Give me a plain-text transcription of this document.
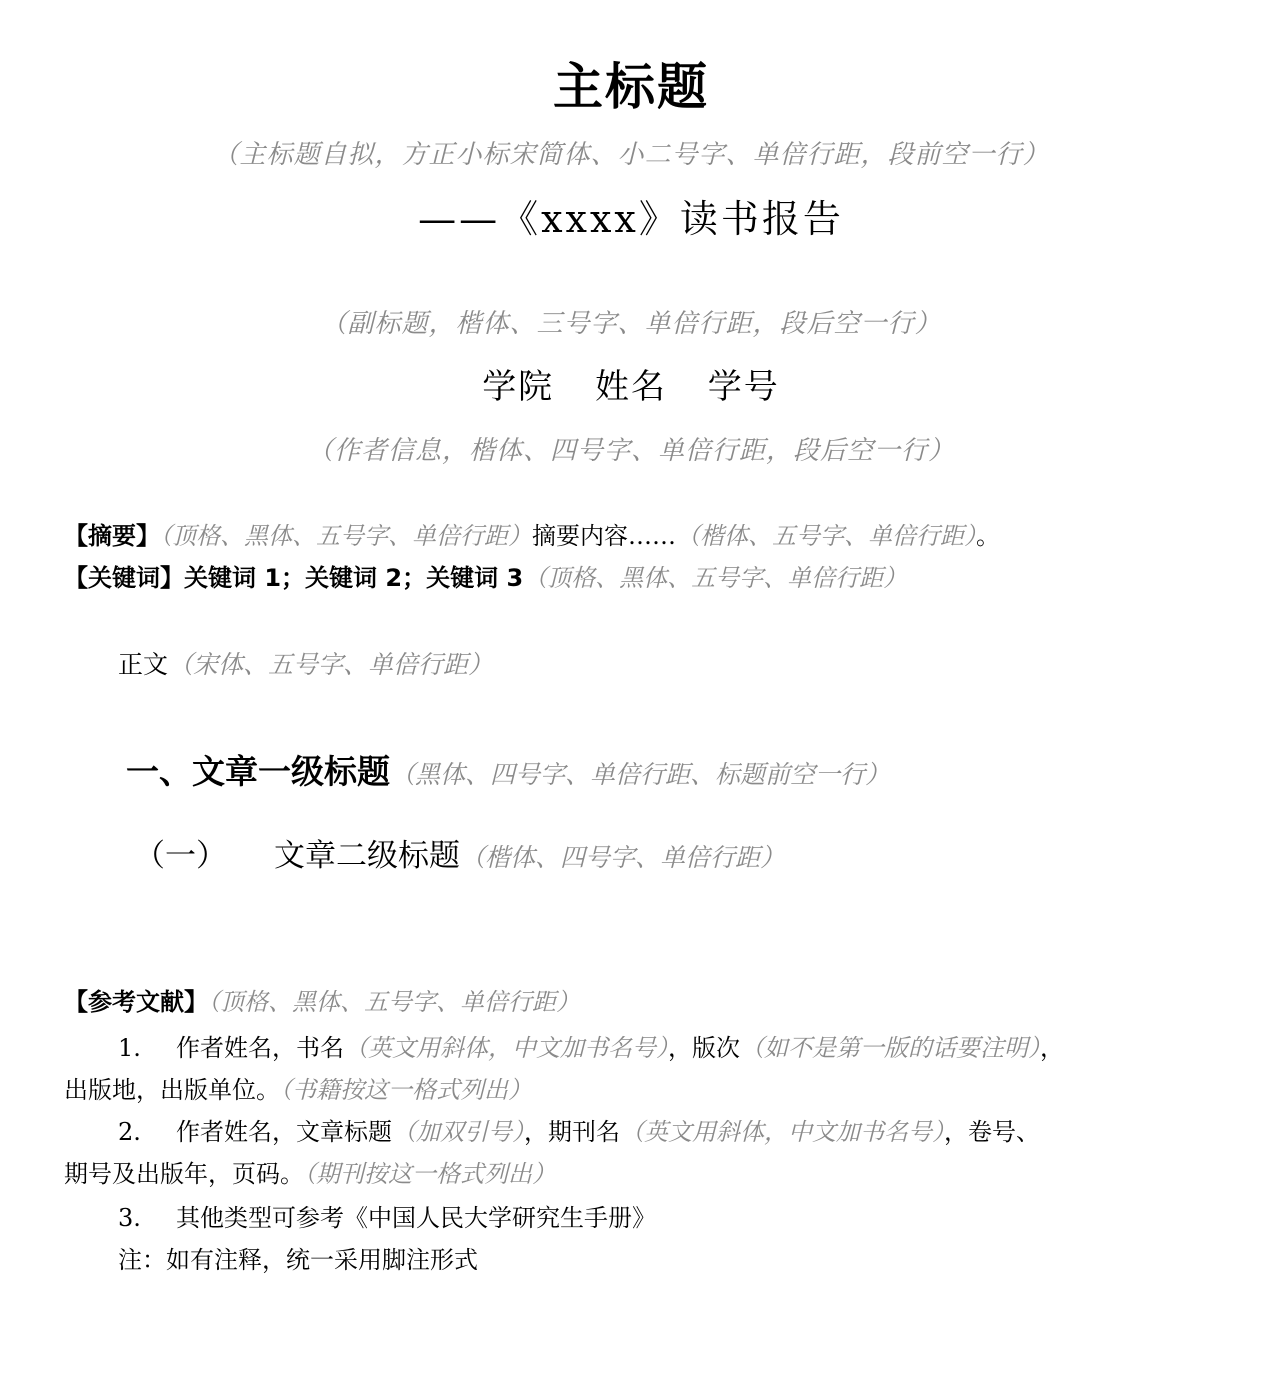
主标题
（主标题自拟，方正小标宋简体、小二号字、单倍行距，段前空一行）
——《xxxx》读书报告
（副标题，楷体、三号字、单倍行距，段后空一行）
学院 姓名 学号
（作者信息，楷体、四号字、单倍行距，段后空一行）
【摘要】（顶格、黑体、五号字、单倍行距）摘要内容……（楷体、五号字、单倍行距）。
【关键词】关键词 1；关键词 2；关键词 3（顶格、黑体、五号字、单倍行距）
正文（宋体、五号字、单倍行距）
一、文章一级标题（黑体、四号字、单倍行距、标题前空一行）
（一） 文章二级标题（楷体、四号字、单倍行距）
【参考文献】（顶格、黑体、五号字、单倍行距）
1. 作者姓名，书名（英文用斜体，中文加书名号），版次（如不是第一版的话要注明），
出版地，出版单位。（书籍按这一格式列出）
2. 作者姓名，文章标题（加双引号），期刊名（英文用斜体，中文加书名号），卷号、
期号及出版年，页码。（期刊按这一格式列出）
3. 其他类型可参考《中国人民大学研究生手册》
注：如有注释，统一采用脚注形式
